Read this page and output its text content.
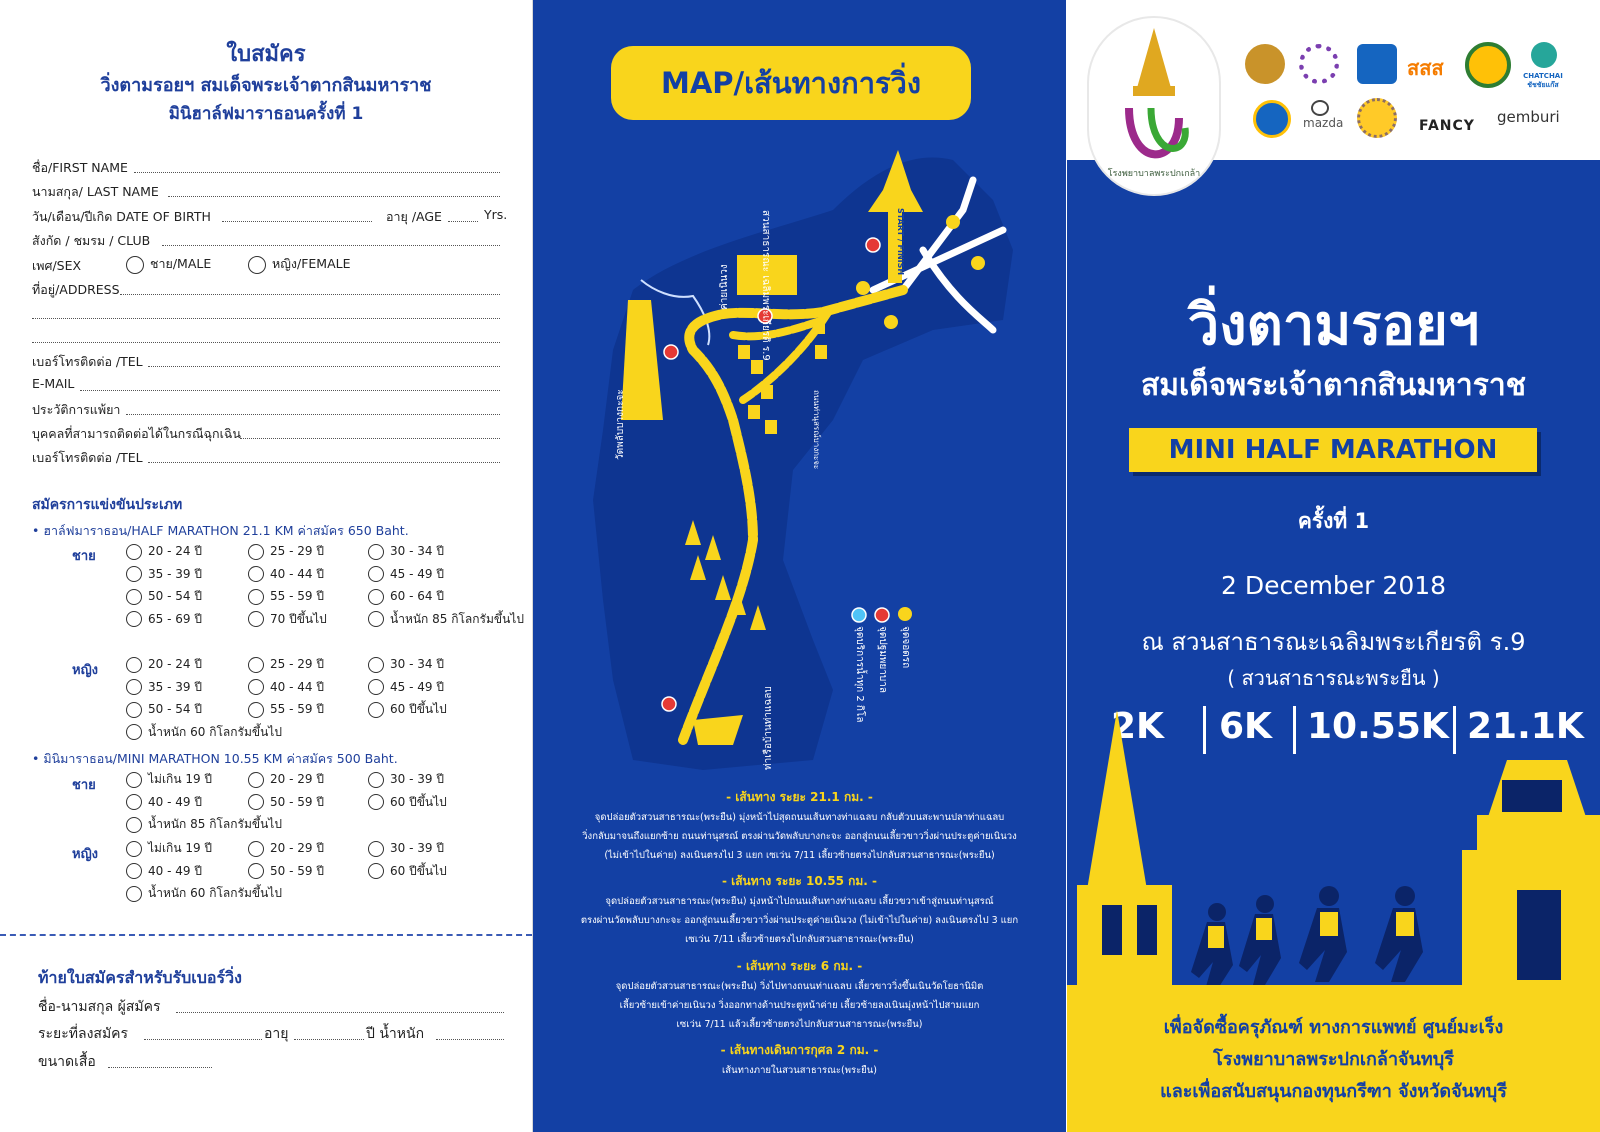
ใบสมัคร
วิ่งตามรอยฯ สมเด็จพระเจ้าตากสินมหาราช
มินิฮาล์ฟมาราธอนครั้งที่ 1
ชื่อ/FIRST NAME
นามสกุล/ LAST NAME
วัน/เดือน/ปีเกิด DATE OF BIRTH	อายุ /AGE	Yrs.
สังกัด / ชมรม / CLUB
เพศ/SEX	ชาย/MALE	หญิง/FEMALE
ที่อยู่/ADDRESS
เบอร์โทรติดต่อ /TEL
E-MAIL
ประวัติการแพ้ยา
บุคคลที่สามารถติดต่อได้ในกรณีฉุกเฉิน
เบอร์โทรติดต่อ /TEL
สมัครการแข่งขันประเภท
• ฮาล์ฟมาราธอน/HALF MARATHON 21.1 KM ค่าสมัคร 650 Baht.
ชาย	20 - 24 ปี	25 - 29 ปี	30 - 34 ปี
35 - 39 ปี	40 - 44 ปี	45 - 49 ปี
50 - 54 ปี	55 - 59 ปี	60 - 64 ปี
65 - 69 ปี	70 ปีขึ้นไป	น้ำหนัก 85 กิโลกรัมขึ้นไป
หญิง	20 - 24 ปี	25 - 29 ปี	30 - 34 ปี
35 - 39 ปี	40 - 44 ปี	45 - 49 ปี
50 - 54 ปี	55 - 59 ปี	60 ปีขึ้นไป
น้ำหนัก 60 กิโลกรัมขึ้นไป
• มินิมาราธอน/MINI MARATHON 10.55 KM ค่าสมัคร 500 Baht.
ชาย	ไม่เกิน 19 ปี	20 - 29 ปี	30 - 39 ปี
40 - 49 ปี	50 - 59 ปี	60 ปีขึ้นไป
น้ำหนัก 85 กิโลกรัมขึ้นไป
หญิง	ไม่เกิน 19 ปี	20 - 29 ปี	30 - 39 ปี
40 - 49 ปี	50 - 59 ปี	60 ปีขึ้นไป
น้ำหนัก 60 กิโลกรัมขึ้นไป
ท้ายใบสมัครสำหรับรับเบอร์วิ่ง
ชื่อ-นามสกุล ผู้สมัคร
ระยะที่ลงสมัคร	อายุ	ปี น้ำหนัก
ขนาดเสื้อ
MAP/เส้นทางการวิ่ง
สวนสาธารณะ เฉลิมพระเกียรติ ร.9	START / FINISH
ค่ายเนินวง
วัดพลับบางกะจะ	ถนนท่านุสรณ์บางกะจะ
ท่าเรือบ้านท่าแฉลบ
จุดจอดรถ
จุดปฐมพยาบาล
จุดบริการน้ำทุก 2 กิโล
- เส้นทาง ระยะ 21.1 กม. -
จุดปล่อยตัวสวนสาธารณะ(พระยืน) มุ่งหน้าไปสุดถนนเส้นทางท่าแฉลบ กลับตัวบนสะพานปลาท่าแฉลบ
วิ่งกลับมาจนถึงแยกซ้าย ถนนท่านุสรณ์ ตรงผ่านวัดพลับบางกะจะ ออกสู่ถนนเลี้ยวขาววิ่งผ่านประตูค่ายเนินวง
(ไม่เข้าไปในค่าย) ลงเนินตรงไป 3 แยก เซเว่น 7/11 เลี้ยวซ้ายตรงไปกลับสวนสาธารณะ(พระยืน)
- เส้นทาง ระยะ 10.55 กม. -
จุดปล่อยตัวสวนสาธารณะ(พระยืน) มุ่งหน้าไปถนนเส้นทางท่าแฉลบ เลี้ยวขวาเข้าสู่ถนนท่านุสรณ์
ตรงผ่านวัดพลับบางกะจะ ออกสู่ถนนเลี้ยวขวาวิ่งผ่านประตูค่ายเนินวง (ไม่เข้าไปในค่าย) ลงเนินตรงไป 3 แยก
เซเว่น 7/11 เลี้ยวซ้ายตรงไปกลับสวนสาธารณะ(พระยืน)
- เส้นทาง ระยะ 6 กม. -
จุดปล่อยตัวสวนสาธารณะ(พระยืน) วิ่งไปทางถนนท่าแฉลบ เลี้ยวขาววิ่งขึ้นเนินวัดโยธานิมิต
เลี้ยวซ้ายเข้าค่ายเนินวง วิ่งออกทางด้านประตูหน้าค่าย เลี้ยวซ้ายลงเนินมุ่งหน้าไปสามแยก
เซเว่น 7/11 แล้วเลี้ยวซ้ายตรงไปกลับสวนสาธารณะ(พระยืน)
- เส้นทางเดินการกุศล 2 กม. -
เส้นทางภายในสวนสาธารณะ(พระยืน)
โรงพยาบาลพระปกเกล้า
สสส	CHATCHAI ชัชชัยแก๊ส
mazda	FANCY gemburi
วิ่งตามรอยฯ
สมเด็จพระเจ้าตากสินมหาราช
MINI HALF MARATHON
ครั้งที่ 1
2 December 2018
ณ สวนสาธารณะเฉลิมพระเกียรติ ร.9
( สวนสาธารณะพระยืน )
2K 6K 10.55K 21.1K
เพื่อจัดซื้อครุภัณฑ์ ทางการแพทย์ ศูนย์มะเร็ง
โรงพยาบาลพระปกเกล้าจันทบุรี
และเพื่อสนับสนุนกองทุนกรีฑา จังหวัดจันทบุรี
